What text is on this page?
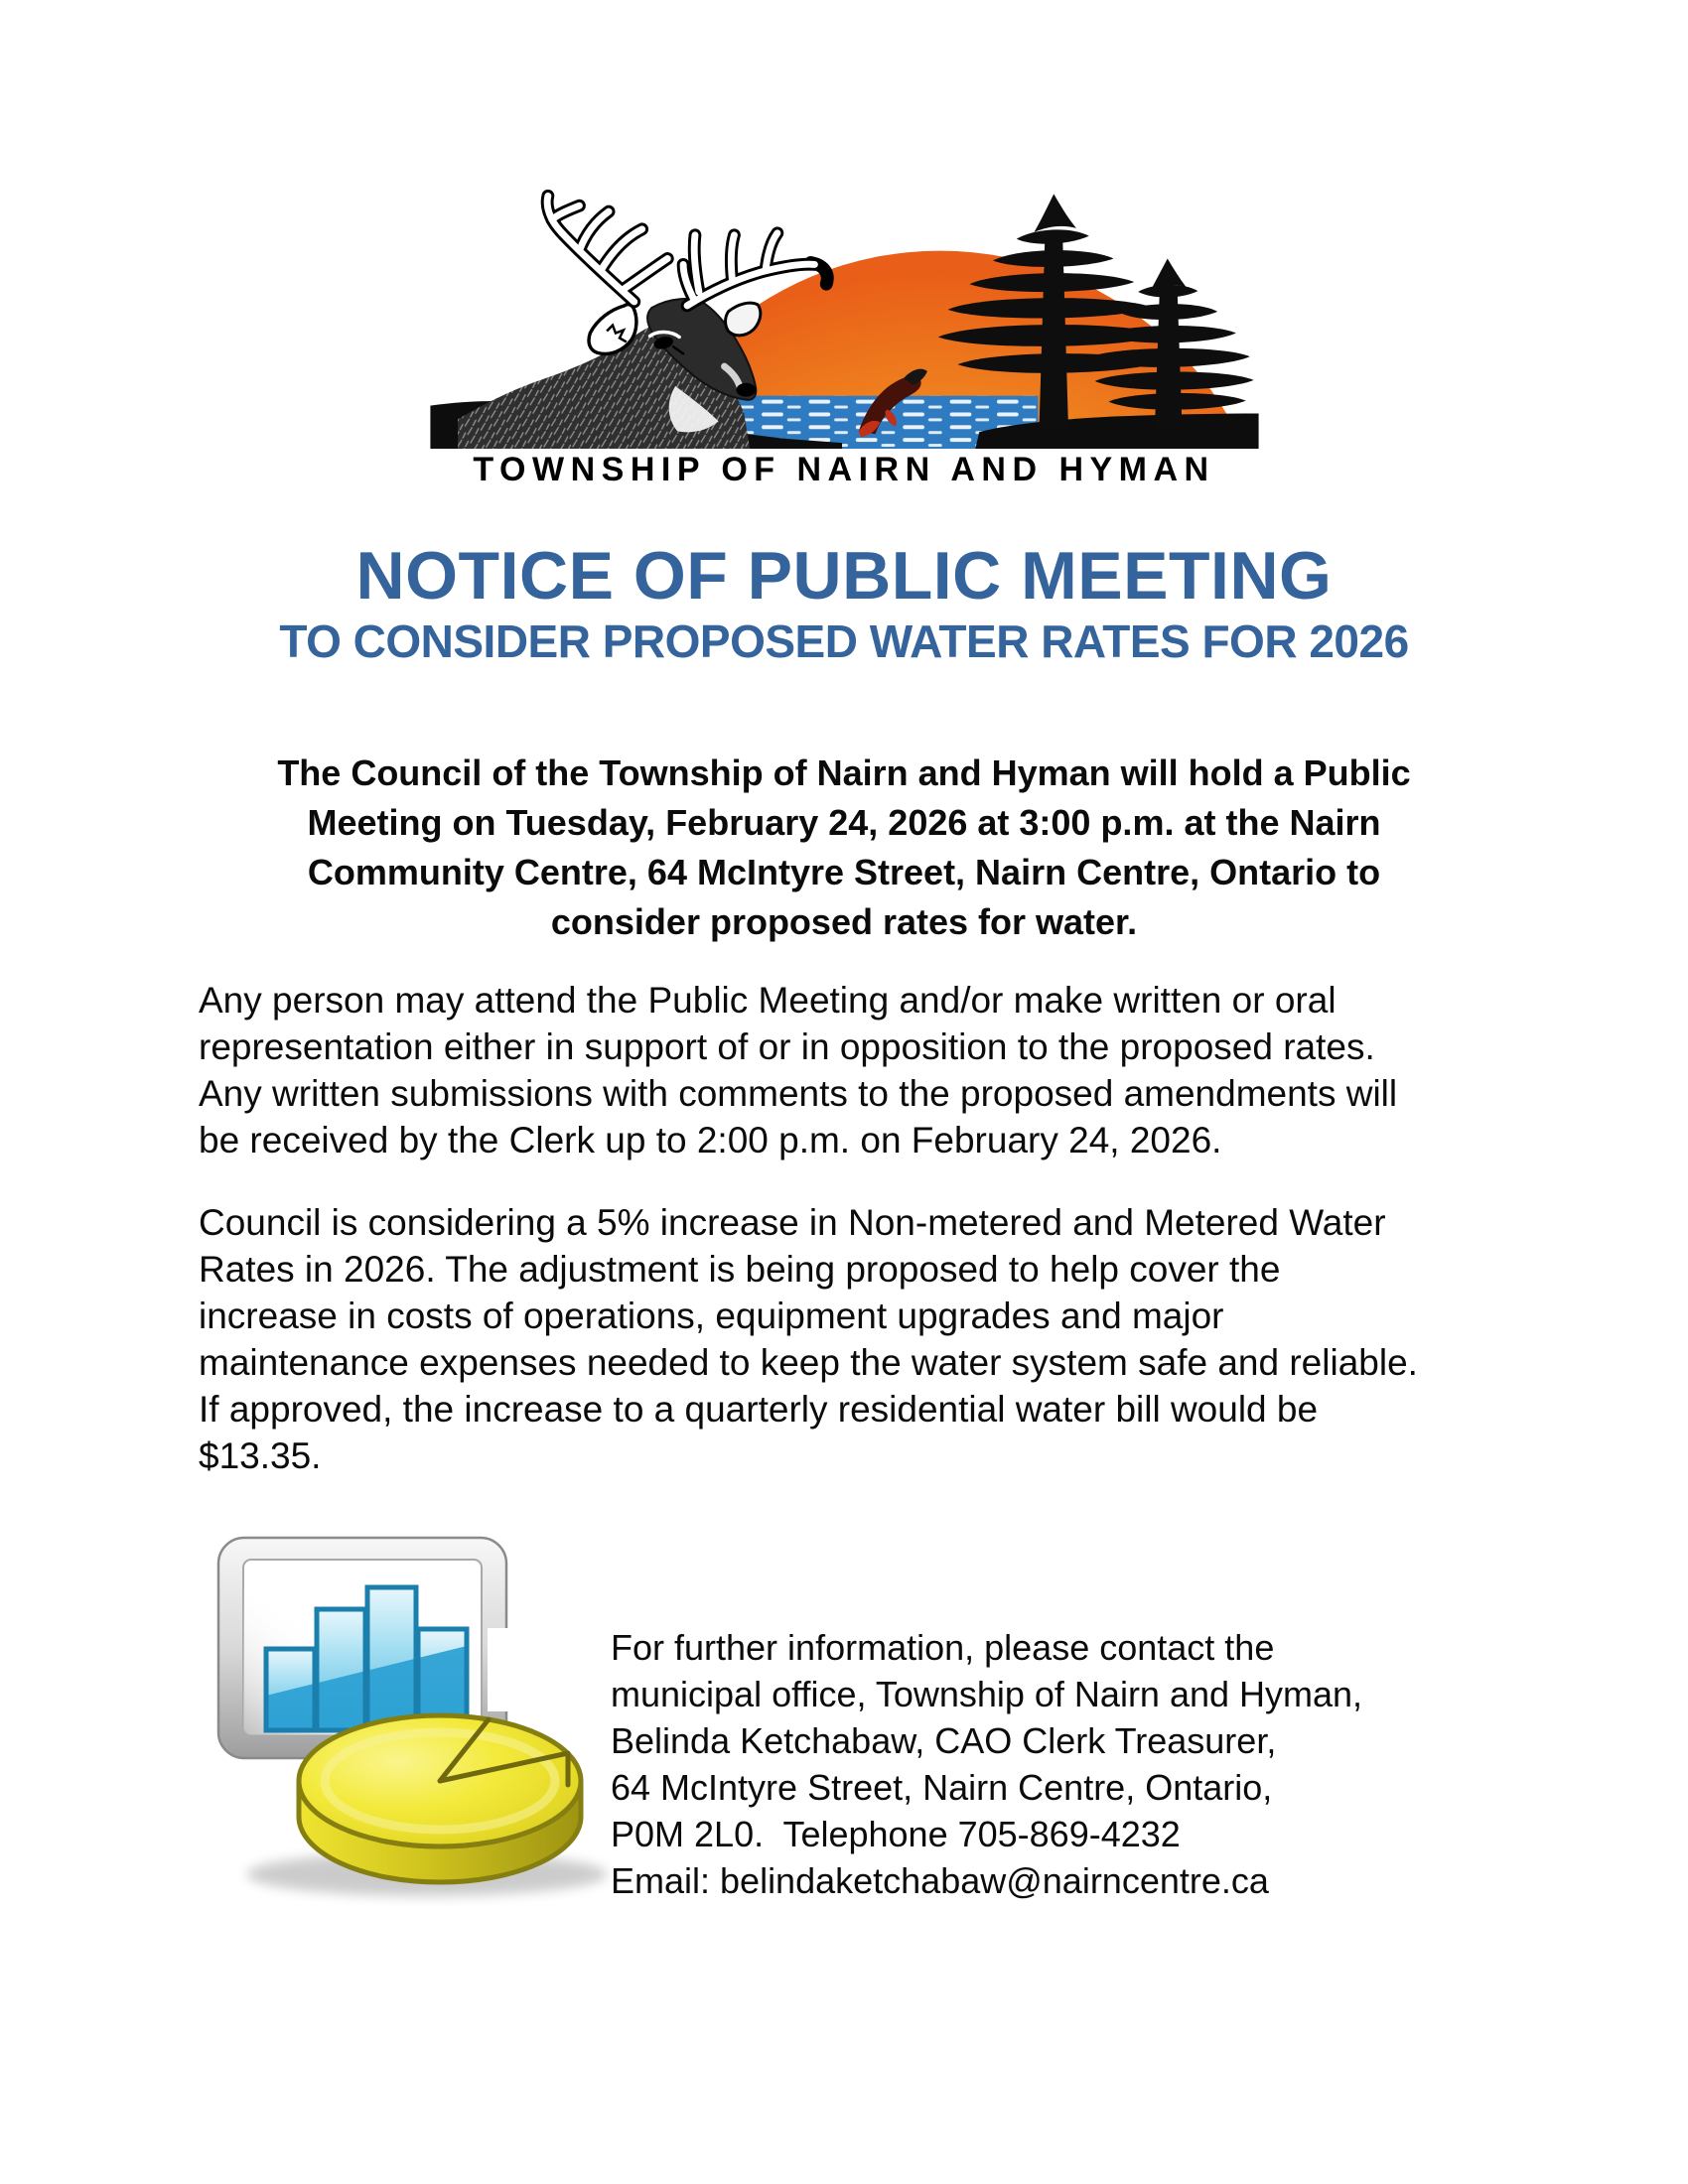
TOWNSHIP OF NAIRN AND HYMAN
NOTICE OF PUBLIC MEETING
TO CONSIDER PROPOSED WATER RATES FOR 2026
The Council of the Township of Nairn and Hyman will hold a Public
Meeting on Tuesday, February 24, 2026 at 3:00 p.m. at the Nairn
Community Centre, 64 McIntyre Street, Nairn Centre, Ontario to
consider proposed rates for water.
Any person may attend the Public Meeting and/or make written or oral
representation either in support of or in opposition to the proposed rates.
Any written submissions with comments to the proposed amendments will
be received by the Clerk up to 2:00 p.m. on February 24, 2026.
Council is considering a 5% increase in Non-metered and Metered Water
Rates in 2026. The adjustment is being proposed to help cover the
increase in costs of operations, equipment upgrades and major
maintenance expenses needed to keep the water system safe and reliable.
If approved, the increase to a quarterly residential water bill would be
$13.35.
For further information, please contact the
municipal office, Township of Nairn and Hyman,
Belinda Ketchabaw, CAO Clerk Treasurer,
64 McIntyre Street, Nairn Centre, Ontario,
P0M 2L0.  Telephone 705-869-4232
Email: belindaketchabaw@nairncentre.ca
